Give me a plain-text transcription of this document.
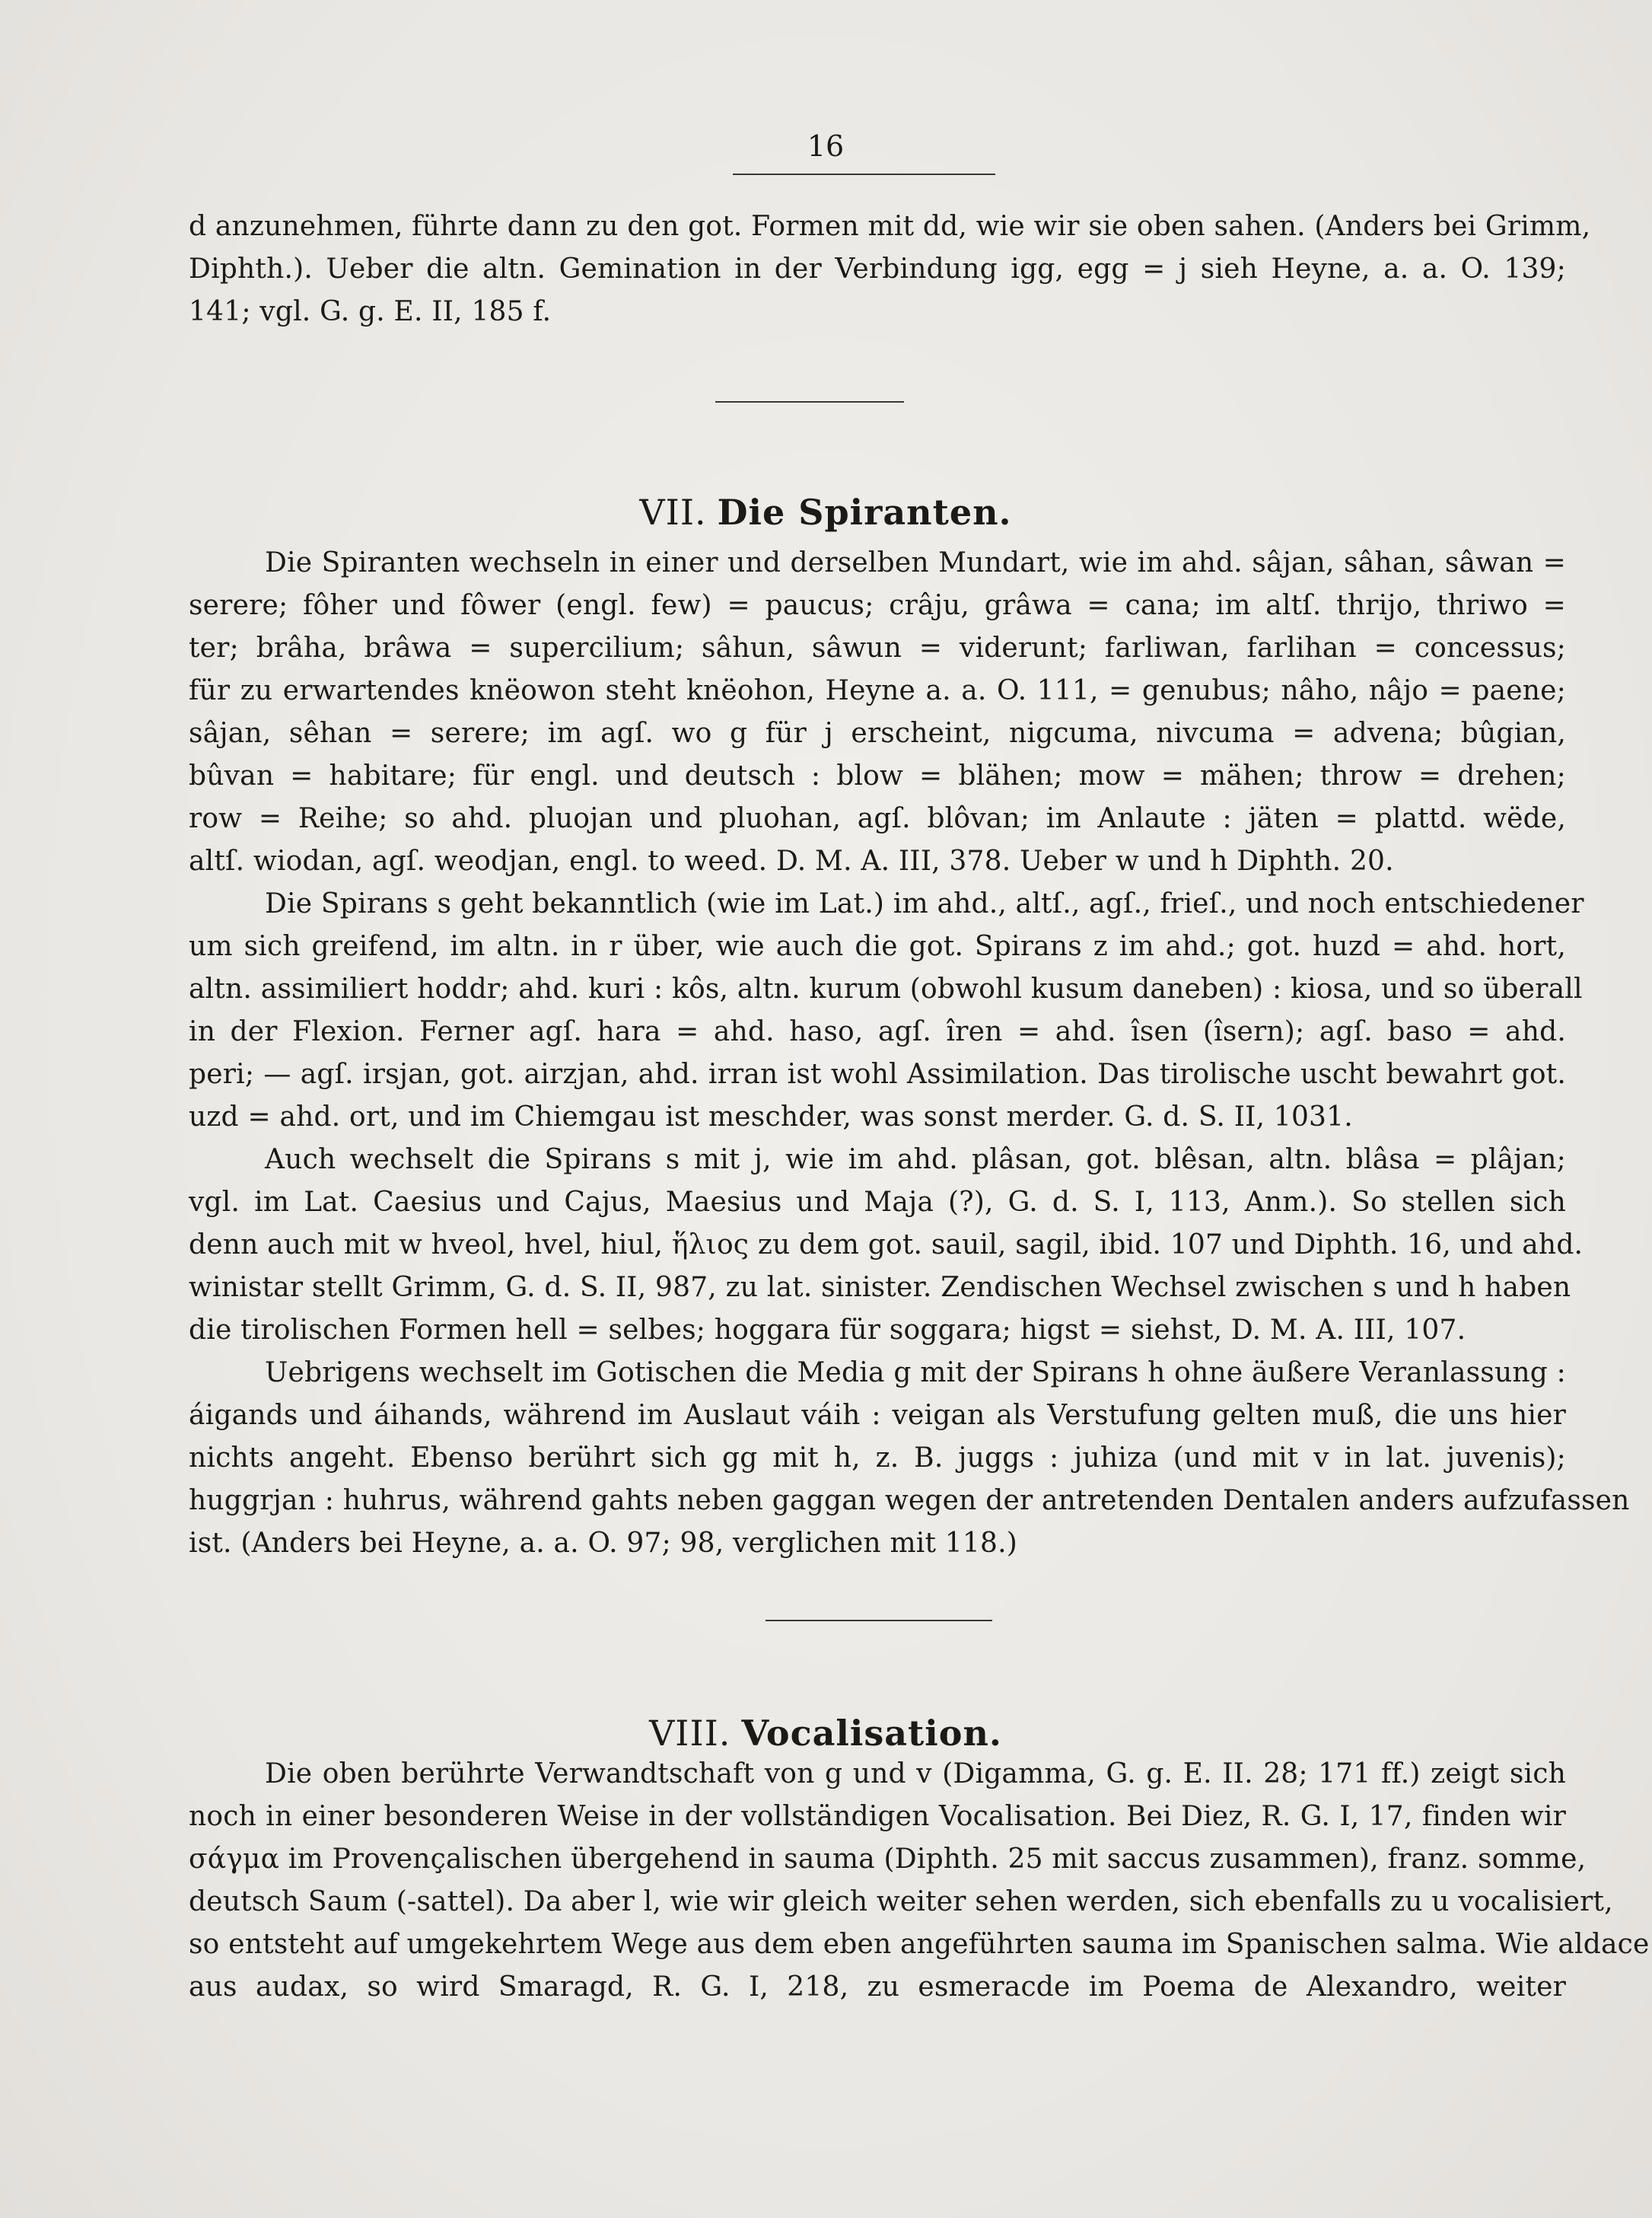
16
d anzunehmen, führte dann zu den got. Formen mit dd, wie wir sie oben sahen. (Anders bei Grimm,
Diphth.). Ueber die altn. Gemination in der Verbindung igg, egg = j sieh Heyne, a. a. O. 139;
141; vgl. G. g. E. II, 185 f.
VII. Die Spiranten.
Die Spiranten wechseln in einer und derselben Mundart, wie im ahd. sâjan, sâhan, sâwan =
serere; fôher und fôwer (engl. few) = paucus; crâju, grâwa = cana; im altſ. thrijo, thriwo =
ter; brâha, brâwa = supercilium; sâhun, sâwun = viderunt; farliwan, farlihan = concessus;
für zu erwartendes knëowon steht knëohon, Heyne a. a. O. 111, = genubus; nâho, nâjo = paene;
sâjan, sêhan = serere; im agſ. wo g für j erscheint, nigcuma, nivcuma = advena; bûgian,
bûvan = habitare; für engl. und deutsch : blow = blähen; mow = mähen; throw = drehen;
row = Reihe; so ahd. pluojan und pluohan, agſ. blôvan; im Anlaute : jäten = plattd. wëde,
altſ. wiodan, agſ. weodjan, engl. to weed. D. M. A. III, 378. Ueber w und h Diphth. 20.
Die Spirans s geht bekanntlich (wie im Lat.) im ahd., altſ., agſ., frieſ., und noch entschiedener
um sich greifend, im altn. in r über, wie auch die got. Spirans z im ahd.; got. huzd = ahd. hort,
altn. assimiliert hoddr; ahd. kuri : kôs, altn. kurum (obwohl kusum daneben) : kiosa, und so überall
in der Flexion. Ferner agſ. hara = ahd. haso, agſ. îren = ahd. îsen (îsern); agſ. baso = ahd.
peri; — agſ. irsjan, got. airzjan, ahd. irran ist wohl Assimilation. Das tirolische uscht bewahrt got.
uzd = ahd. ort, und im Chiemgau ist meschder, was sonst merder. G. d. S. II, 1031.
Auch wechselt die Spirans s mit j, wie im ahd. plâsan, got. blêsan, altn. blâsa = plâjan;
vgl. im Lat. Caesius und Cajus, Maesius und Maja (?), G. d. S. I, 113, Anm.). So stellen sich
denn auch mit w hveol, hvel, hiul, ἥλιος zu dem got. sauil, sagil, ibid. 107 und Diphth. 16, und ahd.
winistar stellt Grimm, G. d. S. II, 987, zu lat. sinister. Zendischen Wechsel zwischen s und h haben
die tirolischen Formen hell = selbes; hoggara für soggara; higst = siehst, D. M. A. III, 107.
Uebrigens wechselt im Gotischen die Media g mit der Spirans h ohne äußere Veranlassung :
áigands und áihands, während im Auslaut váih : veigan als Verstufung gelten muß, die uns hier
nichts angeht. Ebenso berührt sich gg mit h, z. B. juggs : juhiza (und mit v in lat. juvenis);
huggrjan : huhrus, während gahts neben gaggan wegen der antretenden Dentalen anders aufzufassen
ist. (Anders bei Heyne, a. a. O. 97; 98, verglichen mit 118.)
VIII. Vocalisation.
Die oben berührte Verwandtschaft von g und v (Digamma, G. g. E. II. 28; 171 ff.) zeigt sich
noch in einer besonderen Weise in der vollständigen Vocalisation. Bei Diez, R. G. I, 17, finden wir
σάγμα im Provençalischen übergehend in sauma (Diphth. 25 mit saccus zusammen), franz. somme,
deutsch Saum (-sattel). Da aber l, wie wir gleich weiter sehen werden, sich ebenfalls zu u vocalisiert,
so entsteht auf umgekehrtem Wege aus dem eben angeführten sauma im Spanischen salma. Wie aldace
aus audax, so wird Smaragd, R. G. I, 218, zu esmeracde im Poema de Alexandro, weiter
